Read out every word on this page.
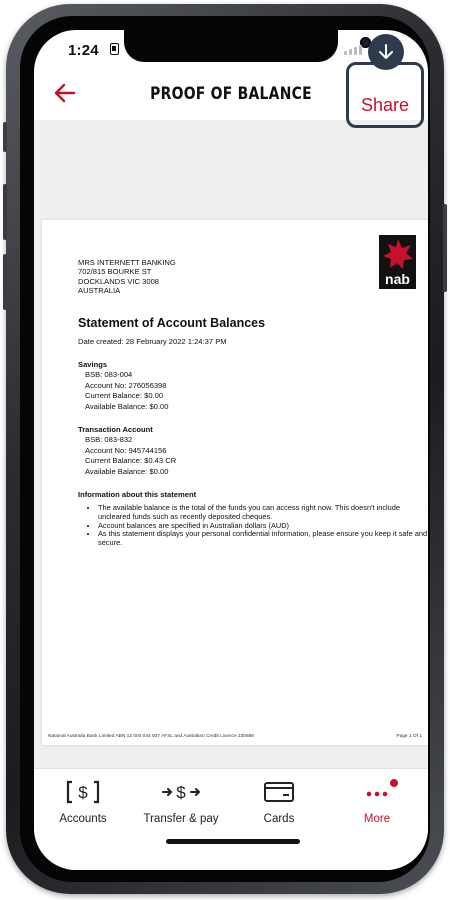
MRS INTERNETT BANKING
702/815 BOURKE ST
DOCKLANDS VIC 3008
AUSTRALIA
nab
Statement of Account Balances
Date created: 28 February 2022 1:24:37 PM
Savings
BSB: 083-004
Account No: 276056398
Current Balance: $0.00
Available Balance: $0.00
Transaction Account
BSB: 083-832
Account No: 945744156
Current Balance: $0.43 CR
Available Balance: $0.00
Information about this statement
• The available balance is the total of the funds you can access right now. This doesn't include uncleared funds such as recently deposited cheques.
• Account balances are specified in Australian dollars (AUD)
• As this statement displays your personal confidential information, please ensure you keep it safe and secure.
National Australia Bank Limited ABN 12 004 044 937 AFSL and Australian Credit Licence 230686	Page 1 Of 1
1:24
PROOF OF BALANCE
Share
$
Accounts
$
Transfer & pay	Cards	More
